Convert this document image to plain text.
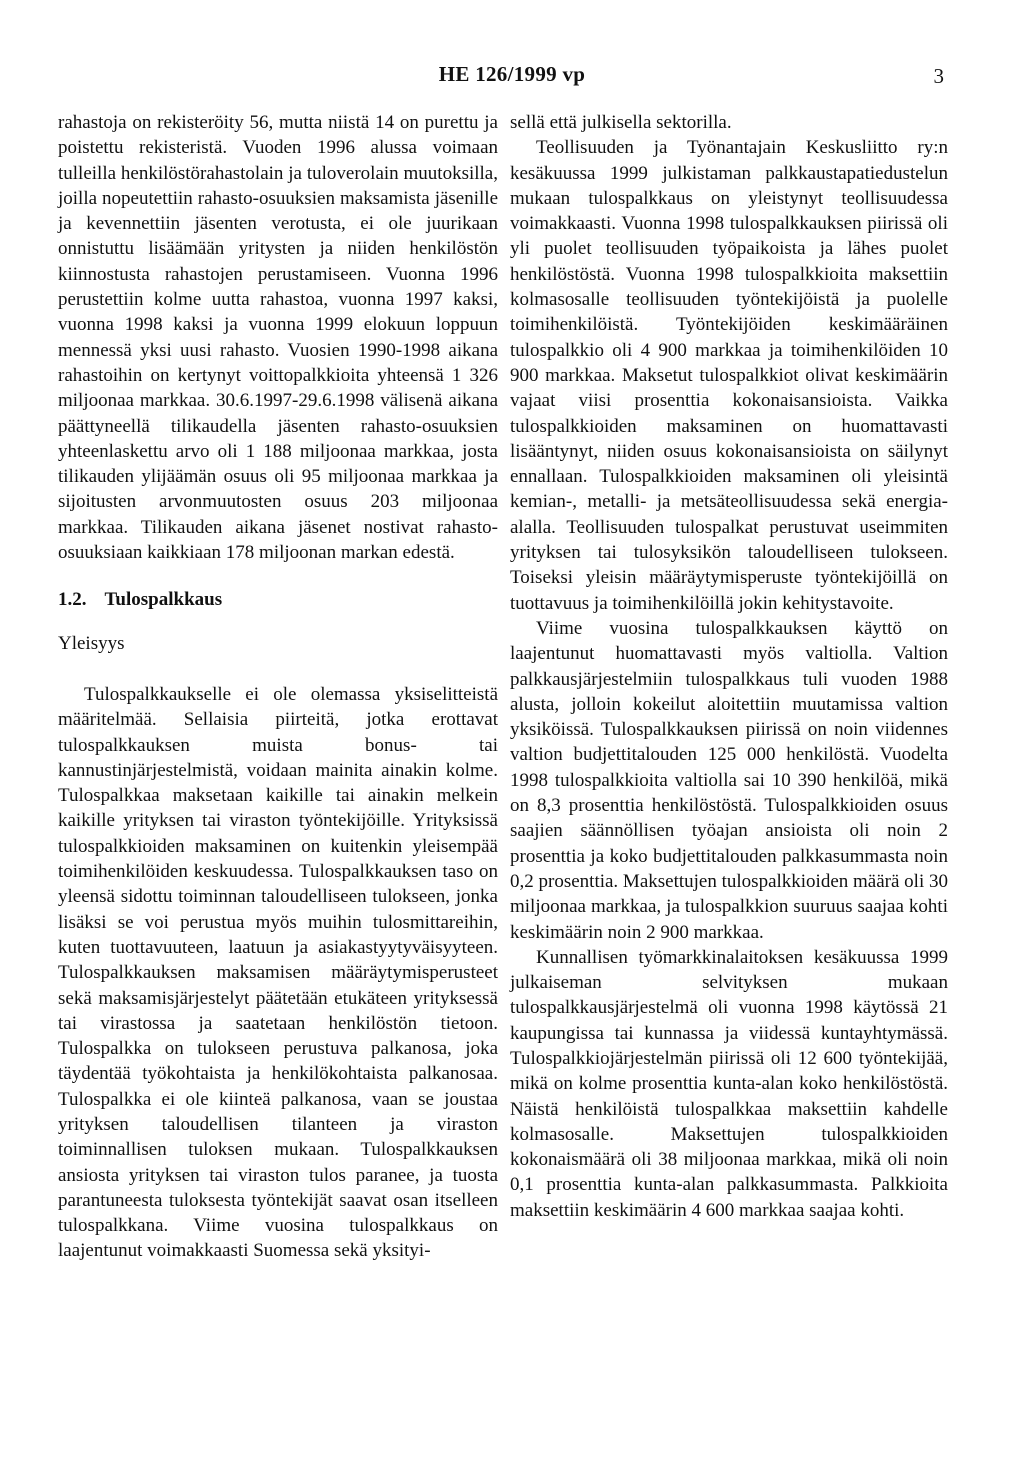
HE 126/1999 vp	3

rahastoja on rekisteröity 56, mutta niistä 14 on purettu ja poistettu rekisteristä. Vuoden 1996 alussa voimaan tulleilla henkilöstörahastolain ja tuloverolain muutoksilla, joilla nopeutettiin rahasto-osuuksien maksamista jäsenille ja kevennettiin jäsenten verotusta, ei ole juurikaan onnistuttu lisäämään yritysten ja niiden henkilöstön kiinnostusta rahastojen perustamiseen. Vuonna 1996 perustettiin kolme uutta rahastoa, vuonna 1997 kaksi, vuonna 1998 kaksi ja vuonna 1999 elokuun loppuun mennessä yksi uusi rahasto. Vuosien 1990-1998 aikana rahastoihin on kertynyt voittopalkkioita yhteensä 1 326 miljoonaa markkaa. 30.6.1997-29.6.1998 välisenä aikana päättyneellä tilikaudella jäsenten rahasto-osuuksien yhteenlaskettu arvo oli 1 188 miljoonaa markkaa, josta tilikauden ylijäämän osuus oli 95 miljoonaa markkaa ja sijoitusten arvonmuutosten osuus 203 miljoonaa markkaa. Tilikauden aikana jäsenet nostivat rahasto-osuuksiaan kaikkiaan 178 miljoonan markan edestä.

1.2. Tulospalkkaus
Yleisyys

Tulospalkkaukselle ei ole olemassa yksiselitteistä määritelmää. Sellaisia piirteitä, jotka erottavat tulospalkkauksen muista bonus- tai kannustinjärjestelmistä, voidaan mainita ainakin kolme. Tulospalkkaa maksetaan kaikille tai ainakin melkein kaikille yrityksen tai viraston työntekijöille. Yrityksissä tulospalkkioiden maksaminen on kuitenkin yleisempää toimihenkilöiden keskuudessa. Tulospalkkauksen taso on yleensä sidottu toiminnan taloudelliseen tulokseen, jonka lisäksi se voi perustua myös muihin tulosmittareihin, kuten tuottavuuteen, laatuun ja asiakastyytyväisyyteen. Tulospalkkauksen maksamisen määräytymisperusteet sekä maksamisjärjestelyt päätetään etukäteen yrityksessä tai virastossa ja saatetaan henkilöstön tietoon. Tulospalkka on tulokseen perustuva palkanosa, joka täydentää työkohtaista ja henkilökohtaista palkanosaa. Tulospalkka ei ole kiinteä palkanosa, vaan se joustaa yrityksen taloudellisen tilanteen ja viraston toiminnallisen tuloksen mukaan. Tulospalkkauksen ansiosta yrityksen tai viraston tulos paranee, ja tuosta parantuneesta tuloksesta työntekijät saavat osan itselleen tulospalkkana. Viime vuosina tulospalkkaus on laajentunut voimakkaasti Suomessa sekä yksityi-

sellä että julkisella sektorilla.

Teollisuuden ja Työnantajain Keskusliitto ry:n kesäkuussa 1999 julkistaman palkkaustapatiedustelun mukaan tulospalkkaus on yleistynyt teollisuudessa voimakkaasti. Vuonna 1998 tulospalkkauksen piirissä oli yli puolet teollisuuden työpaikoista ja lähes puolet henkilöstöstä. Vuonna 1998 tulospalkkioita maksettiin kolmasosalle teollisuuden työntekijöistä ja puolelle toimihenkilöistä. Työntekijöiden keskimääräinen tulospalkkio oli 4 900 markkaa ja toimihenkilöiden 10 900 markkaa. Maksetut tulospalkkiot olivat keskimäärin vajaat viisi prosenttia kokonaisansioista. Vaikka tulospalkkioiden maksaminen on huomattavasti lisääntynyt, niiden osuus kokonaisansioista on säilynyt ennallaan. Tulospalkkioiden maksaminen oli yleisintä kemian-, metalli- ja metsäteollisuudessa sekä energia-alalla. Teollisuuden tulospalkat perustuvat useimmiten yrityksen tai tulosyksikön taloudelliseen tulokseen. Toiseksi yleisin määräytymisperuste työntekijöillä on tuottavuus ja toimihenkilöillä jokin kehitystavoite.

Viime vuosina tulospalkkauksen käyttö on laajentunut huomattavasti myös valtiolla. Valtion palkkausjärjestelmiin tulospalkkaus tuli vuoden 1988 alusta, jolloin kokeilut aloitettiin muutamissa valtion yksiköissä. Tulospalkkauksen piirissä on noin viidennes valtion budjettitalouden 125 000 henkilöstä. Vuodelta 1998 tulospalkkioita valtiolla sai 10 390 henkilöä, mikä on 8,3 prosenttia henkilöstöstä. Tulospalkkioiden osuus saajien säännöllisen työajan ansioista oli noin 2 prosenttia ja koko budjettitalouden palkkasummasta noin 0,2 prosenttia. Maksettujen tulospalkkioiden määrä oli 30 miljoonaa markkaa, ja tulospalkkion suuruus saajaa kohti keskimäärin noin 2 900 markkaa.

Kunnallisen työmarkkinalaitoksen kesäkuussa 1999 julkaiseman selvityksen mukaan tulospalkkausjärjestelmä oli vuonna 1998 käytössä 21 kaupungissa tai kunnassa ja viidessä kuntayhtymässä. Tulospalkkiojärjestelmän piirissä oli 12 600 työntekijää, mikä on kolme prosenttia kunta-alan koko henkilöstöstä. Näistä henkilöistä tulospalkkaa maksettiin kahdelle kolmasosalle. Maksettujen tulospalkkioiden kokonaismäärä oli 38 miljoonaa markkaa, mikä oli noin 0,1 prosenttia kunta-alan palkkasummasta. Palkkioita maksettiin keskimäärin 4 600 markkaa saajaa kohti.
